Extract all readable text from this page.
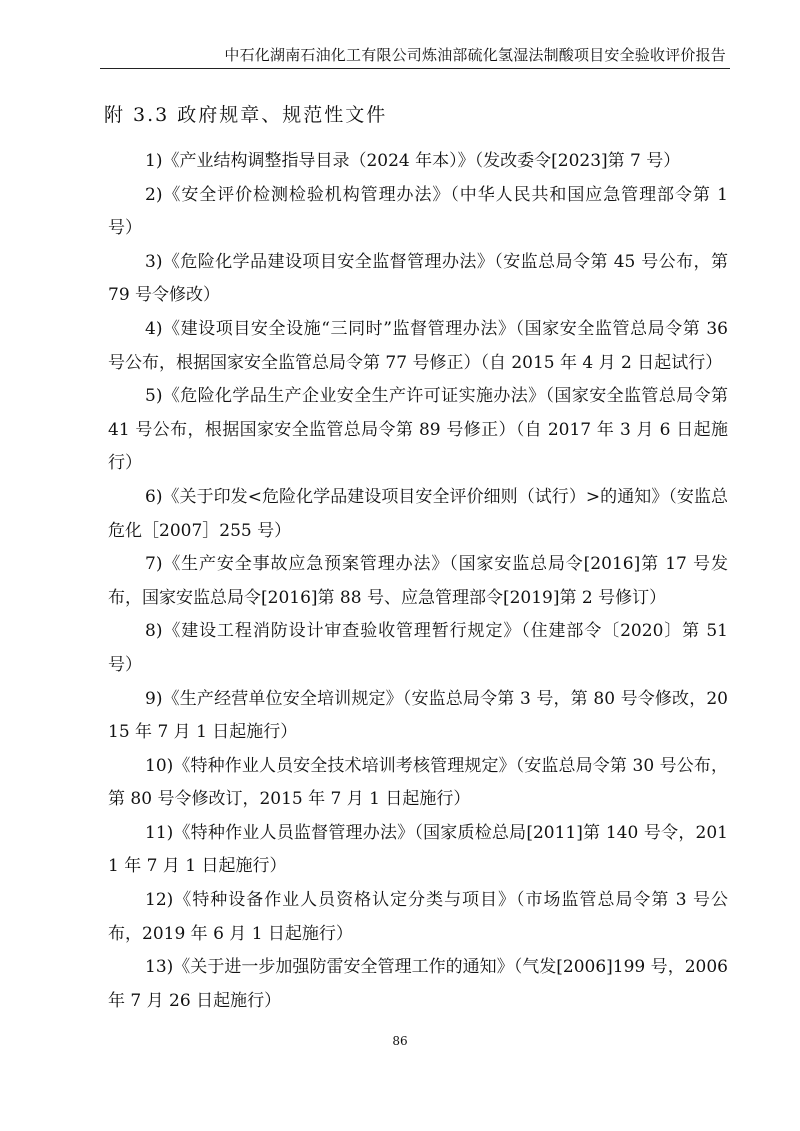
中石化湖南石油化工有限公司炼油部硫化氢湿法制酸项目安全验收评价报告
附 3.3 政府规章、规范性文件

1)《产业结构调整指导目录（2024 年本）》（发改委令[2023]第 7 号）

2)《安全评价检测检验机构管理办法》（中华人民共和国应急管理部令第 1 号）

3)《危险化学品建设项目安全监督管理办法》（安监总局令第 45 号公布，第 79 号令修改）

4)《建设项目安全设施“三同时”监督管理办法》（国家安全监管总局令第 36 号公布，根据国家安全监管总局令第 77 号修正）（自 2015 年 4 月 2 日起试行）

5)《危险化学品生产企业安全生产许可证实施办法》（国家安全监管总局令第 41 号公布，根据国家安全监管总局令第 89 号修正）（自 2017 年 3 月 6 日起施行）

6)《关于印发<危险化学品建设项目安全评价细则（试行）>的通知》（安监总危化［2007］255 号）

7)《生产安全事故应急预案管理办法》（国家安监总局令[2016]第 17 号发布，国家安监总局令[2016]第 88 号、应急管理部令[2019]第 2 号修订）

8)《建设工程消防设计审查验收管理暂行规定》（住建部令〔2020〕第 51 号）

9)《生产经营单位安全培训规定》（安监总局令第 3 号，第 80 号令修改，2015 年 7 月 1 日起施行）

10)《特种作业人员安全技术培训考核管理规定》（安监总局令第 30 号公布，第 80 号令修改订，2015 年 7 月 1 日起施行）

11)《特种作业人员监督管理办法》（国家质检总局[2011]第 140 号令，2011 年 7 月 1 日起施行）

12)《特种设备作业人员资格认定分类与项目》（市场监管总局令第 3 号公布，2019 年 6 月 1 日起施行）

13)《关于进一步加强防雷安全管理工作的通知》（气发[2006]199 号，2006 年 7 月 26 日起施行）

86
